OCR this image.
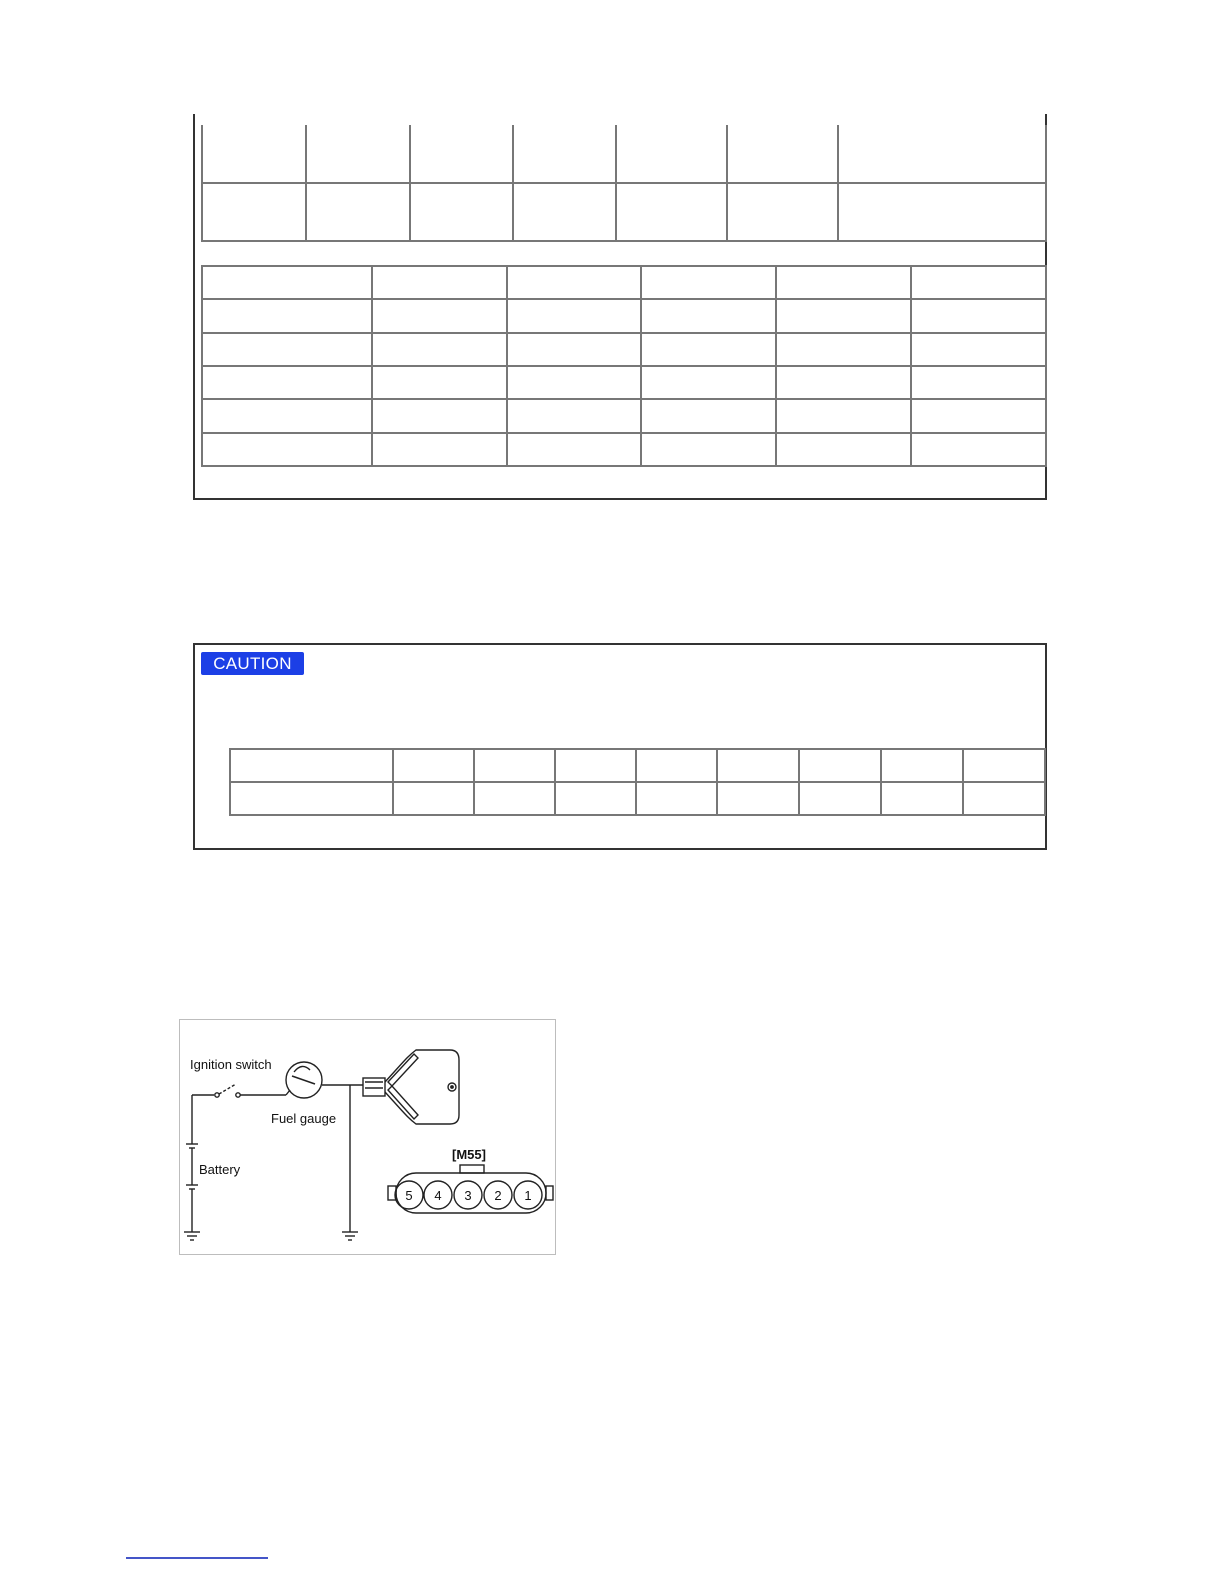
CAUTION

Ignition switch
Fuel gauge
Battery
[M55]
5 4 3 2 1
